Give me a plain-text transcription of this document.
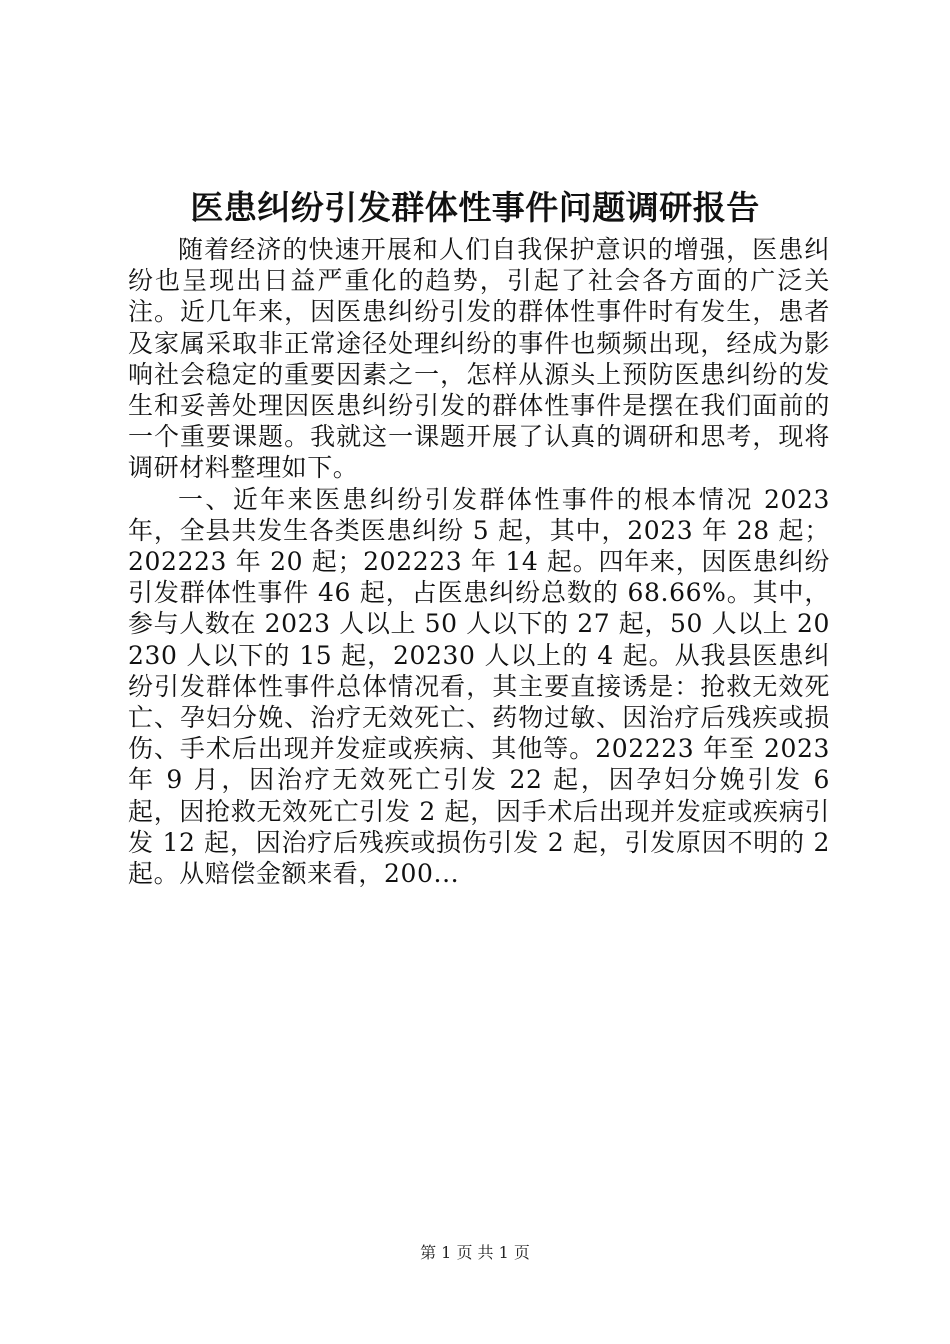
医患纠纷引发群体性事件问题调研报告

随着经济的快速开展和人们自我保护意识的增强，医患纠纷也呈现出日益严重化的趋势，引起了社会各方面的广泛关注。近几年来，因医患纠纷引发的群体性事件时有发生，患者及家属采取非正常途径处理纠纷的事件也频频出现，经成为影响社会稳定的重要因素之一，怎样从源头上预防医患纠纷的发生和妥善处理因医患纠纷引发的群体性事件是摆在我们面前的一个重要课题。我就这一课题开展了认真的调研和思考，现将调研材料整理如下。

一、近年来医患纠纷引发群体性事件的根本情况 2023 年，全县共发生各类医患纠纷 5 起，其中，2023 年 28 起；202223 年 20 起；202223 年 14 起。四年来，因医患纠纷引发群体性事件 46 起，占医患纠纷总数的 68.66%。其中，参与人数在 2023 人以上 50 人以下的 27 起，50 人以上 20230 人以下的 15 起，20230 人以上的 4 起。从我县医患纠纷引发群体性事件总体情况看，其主要直接诱是：抢救无效死亡、孕妇分娩、治疗无效死亡、药物过敏、因治疗后残疾或损伤、手术后出现并发症或疾病、其他等。202223 年至 2023 年 9 月，因治疗无效死亡引发 22 起，因孕妇分娩引发 6 起，因抢救无效死亡引发 2 起，因手术后出现并发症或疾病引发 12 起，因治疗后残疾或损伤引发 2 起，引发原因不明的 2 起。从赔偿金额来看，200...

第 1 页 共 1 页
